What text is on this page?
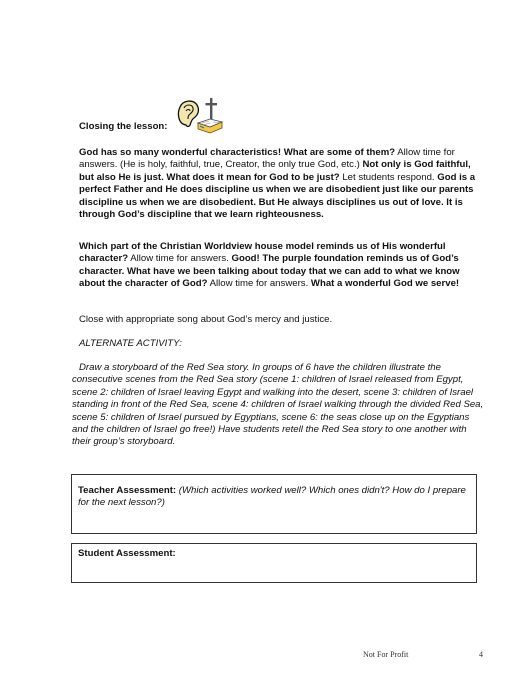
Closing the lesson:

God has so many wonderful characteristics! What are some of them? Allow time for answers. (He is holy, faithful, true, Creator, the only true God, etc.) Not only is God faithful, but also He is just. What does it mean for God to be just? Let students respond. God is a perfect Father and He does discipline us when we are disobedient just like our parents discipline us when we are disobedient. But He always disciplines us out of love. It is through God’s discipline that we learn righteousness.

Which part of the Christian Worldview house model reminds us of His wonderful character? Allow time for answers. Good! The purple foundation reminds us of God’s character. What have we been talking about today that we can add to what we know about the character of God? Allow time for answers. What a wonderful God we serve!

Close with appropriate song about God’s mercy and justice.

ALTERNATE ACTIVITY:

Draw a storyboard of the Red Sea story. In groups of 6 have the children illustrate the consecutive scenes from the Red Sea story (scene 1: children of Israel released from Egypt, scene 2: children of Israel leaving Egypt and walking into the desert, scene 3: children of Israel standing in front of the Red Sea, scene 4: children of Israel walking through the divided Red Sea, scene 5: children of Israel pursued by Egyptians, scene 6: the seas close up on the Egyptians and the children of Israel go free!) Have students retell the Red Sea story to one another with their group’s storyboard.

Teacher Assessment: (Which activities worked well? Which ones didn't? How do I prepare for the next lesson?)
Student Assessment:
Not For Profit	4
